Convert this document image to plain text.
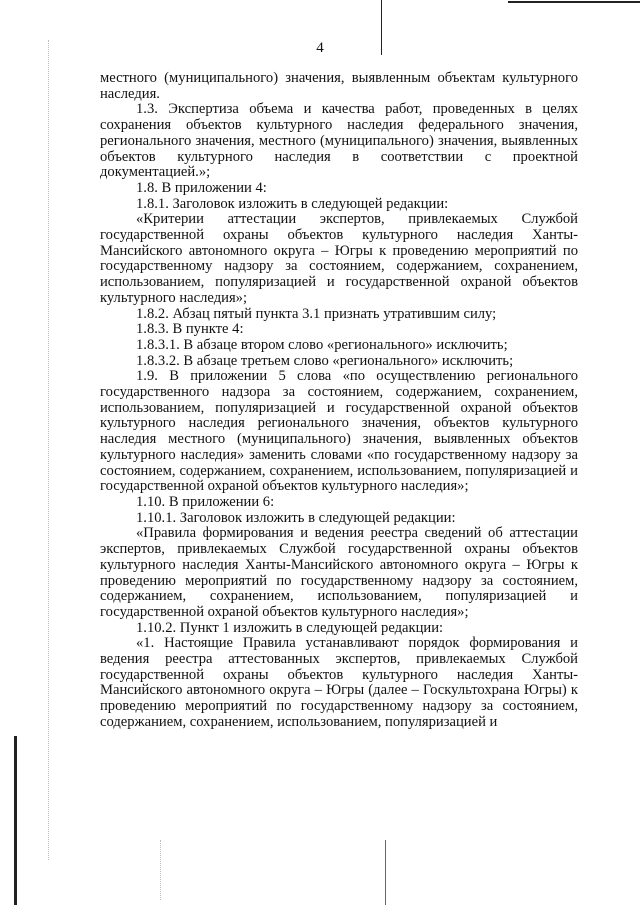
4

местного (муниципального) значения, выявленным объектам культурного наследия.

1.3. Экспертиза объема и качества работ, проведенных в целях сохранения объектов культурного наследия федерального значения, регионального значения, местного (муниципального) значения, выявленных объектов культурного наследия в соответствии с проектной документацией.»;

1.8. В приложении 4:

1.8.1. Заголовок изложить в следующей редакции:

«Критерии аттестации экспертов, привлекаемых Службой государственной охраны объектов культурного наследия Ханты-Мансийского автономного округа – Югры к проведению мероприятий по государственному надзору за состоянием, содержанием, сохранением, использованием, популяризацией и государственной охраной объектов культурного наследия»;

1.8.2. Абзац пятый пункта 3.1 признать утратившим силу;

1.8.3. В пункте 4:

1.8.3.1. В абзаце втором слово «регионального» исключить;

1.8.3.2. В абзаце третьем слово «регионального» исключить;

1.9. В приложении 5 слова «по осуществлению регионального государственного надзора за состоянием, содержанием, сохранением, использованием, популяризацией и государственной охраной объектов культурного наследия регионального значения, объектов культурного наследия местного (муниципального) значения, выявленных объектов культурного наследия» заменить словами «по государственному надзору за состоянием, содержанием, сохранением, использованием, популяризацией и государственной охраной объектов культурного наследия»;

1.10. В приложении 6:

1.10.1. Заголовок изложить в следующей редакции:

«Правила формирования и ведения реестра сведений об аттестации экспертов, привлекаемых Службой государственной охраны объектов культурного наследия Ханты-Мансийского автономного округа – Югры к проведению мероприятий по государственному надзору за состоянием, содержанием, сохранением, использованием, популяризацией и государственной охраной объектов культурного наследия»;

1.10.2. Пункт 1 изложить в следующей редакции:

«1. Настоящие Правила устанавливают порядок формирования и ведения реестра аттестованных экспертов, привлекаемых Службой государственной охраны объектов культурного наследия Ханты-Мансийского автономного округа – Югры (далее – Госкультохрана Югры) к проведению мероприятий по государственному надзору за состоянием, содержанием, сохранением, использованием, популяризацией и
